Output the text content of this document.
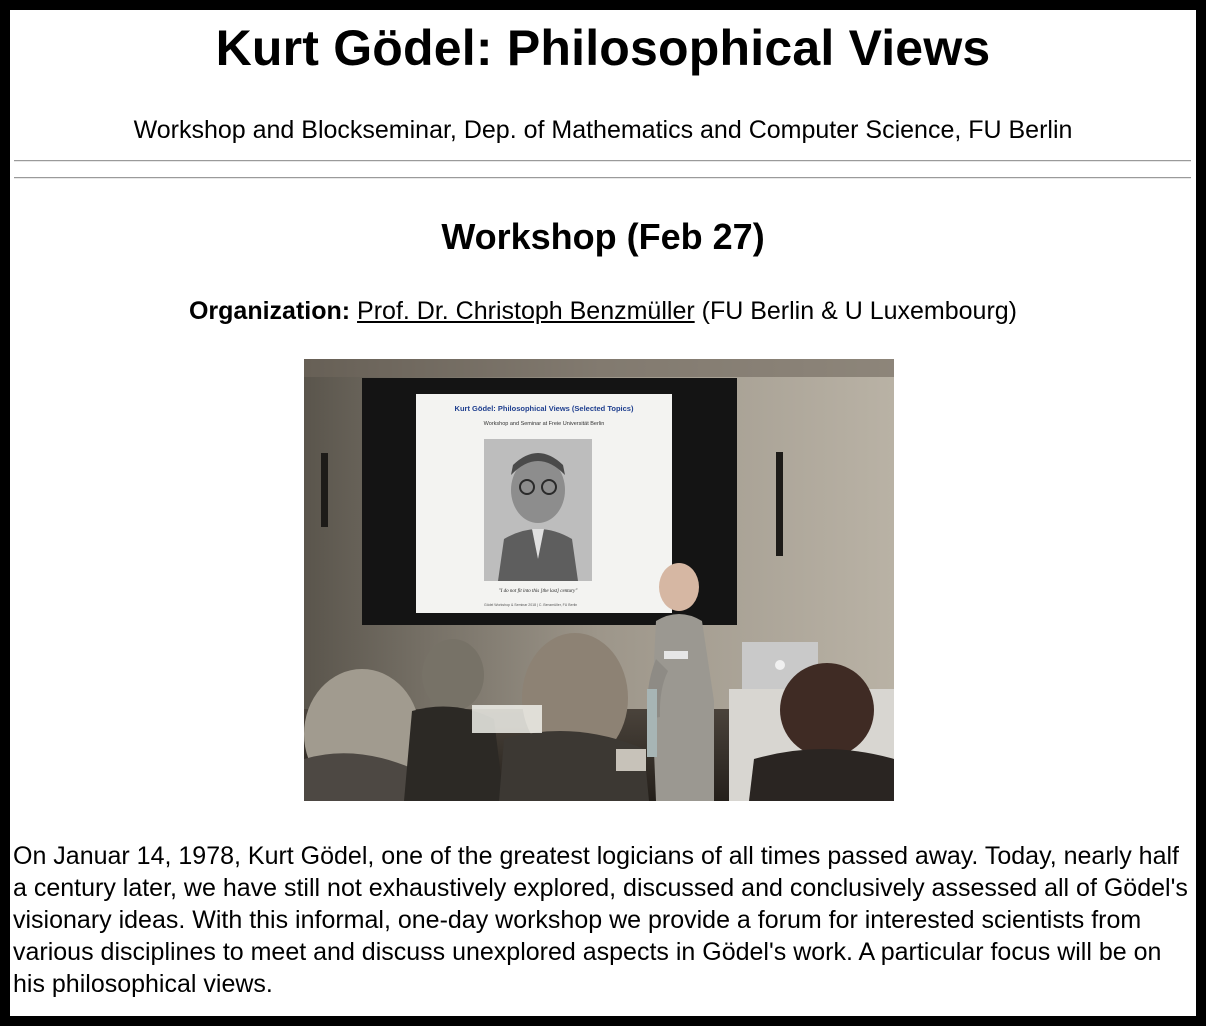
Kurt Gödel: Philosophical Views

Workshop and Blockseminar, Dep. of Mathematics and Computer Science, FU Berlin

Workshop (Feb 27)
Organization: Prof. Dr. Christoph Benzmüller (FU Berlin & U Luxembourg)
Kurt Gödel: Philosophical Views (Selected Topics)
Workshop and Seminar at Freie Universität Berlin
"I do not fit into this [the last] century"
Gödel Workshop & Seminar 2018 | C. Benzmüller, FU Berlin

On Januar 14, 1978, Kurt Gödel, one of the greatest logicians of all times passed away. Today, nearly half a century later, we have still not exhaustively explored, discussed and conclusively assessed all of Gödel's visionary ideas. With this informal, one-day workshop we provide a forum for interested scientists from various disciplines to meet and discuss unexplored aspects in Gödel's work. A particular focus will be on his philosophical views.
